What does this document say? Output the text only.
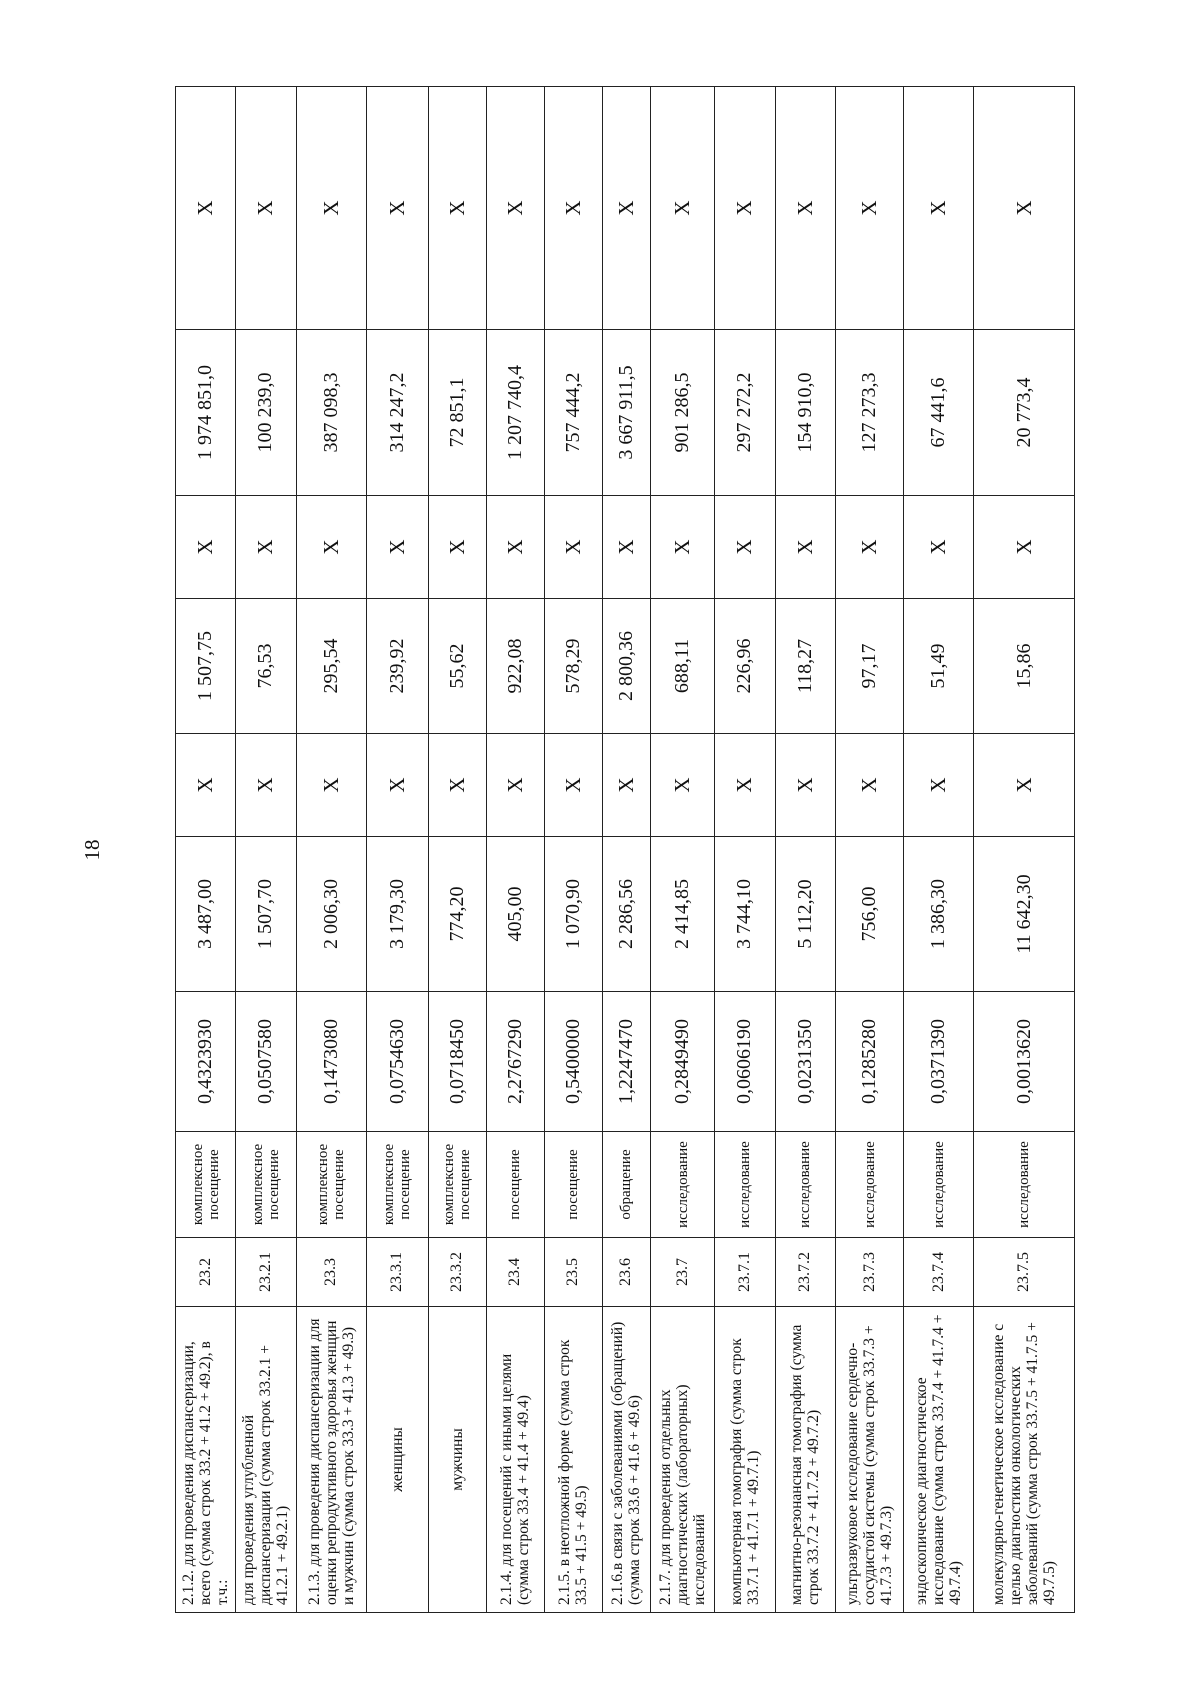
18
2.1.2. для проведения диспансеризации, всего (сумма строк 33.2 + 41.2 + 49.2), в т.ч.:	23.2	комплексное посещение	0,4323930	3 487,00	X	1 507,75	X	1 974 851,0	X
для проведения углубленной диспансеризации (сумма строк 33.2.1 + 41.2.1 + 49.2.1)	23.2.1	комплексное посещение	0,0507580	1 507,70	X	76,53	X	100 239,0	X
2.1.3. для проведения диспансеризации для оценки репродуктивного здоровья женщин и мужчин (сумма строк 33.3 + 41.3 + 49.3)	23.3	комплексное посещение	0,1473080	2 006,30	X	295,54	X	387 098,3	X
женщины	23.3.1	комплексное посещение	0,0754630	3 179,30	X	239,92	X	314 247,2	X
мужчины	23.3.2	комплексное посещение	0,0718450	774,20	X	55,62	X	72 851,1	X
2.1.4. для посещений с иными целями (сумма строк 33.4 + 41.4 + 49.4)	23.4	посещение	2,2767290	405,00	X	922,08	X	1 207 740,4	X
2.1.5. в неотложной форме (сумма строк 33.5 + 41.5 + 49.5)	23.5	посещение	0,5400000	1 070,90	X	578,29	X	757 444,2	X
2.1.6.в связи с заболеваниями (обращений) (сумма строк 33.6 + 41.6 + 49.6)	23.6	обращение	1,2247470	2 286,56	X	2 800,36	X	3 667 911,5	X
2.1.7. для проведения отдельных диагностических (лабораторных) исследований	23.7	исследование	0,2849490	2 414,85	X	688,11	X	901 286,5	X
компьютерная томография (сумма строк 33.7.1 + 41.7.1 + 49.7.1)	23.7.1	исследование	0,0606190	3 744,10	X	226,96	X	297 272,2	X
магнитно-резонансная томография (сумма строк 33.7.2 + 41.7.2 + 49.7.2)	23.7.2	исследование	0,0231350	5 112,20	X	118,27	X	154 910,0	X
ультразвуковое исследование сердечно-сосудистой системы (сумма строк 33.7.3 + 41.7.3 + 49.7.3)	23.7.3	исследование	0,1285280	756,00	X	97,17	X	127 273,3	X
эндоскопическое диагностическое исследование (сумма строк 33.7.4 + 41.7.4 + 49.7.4)	23.7.4	исследование	0,0371390	1 386,30	X	51,49	X	67 441,6	X
молекулярно-генетическое исследование с целью диагностики онкологических заболеваний (сумма строк 33.7.5 + 41.7.5 + 49.7.5)	23.7.5	исследование	0,0013620	11 642,30	X	15,86	X	20 773,4	X
